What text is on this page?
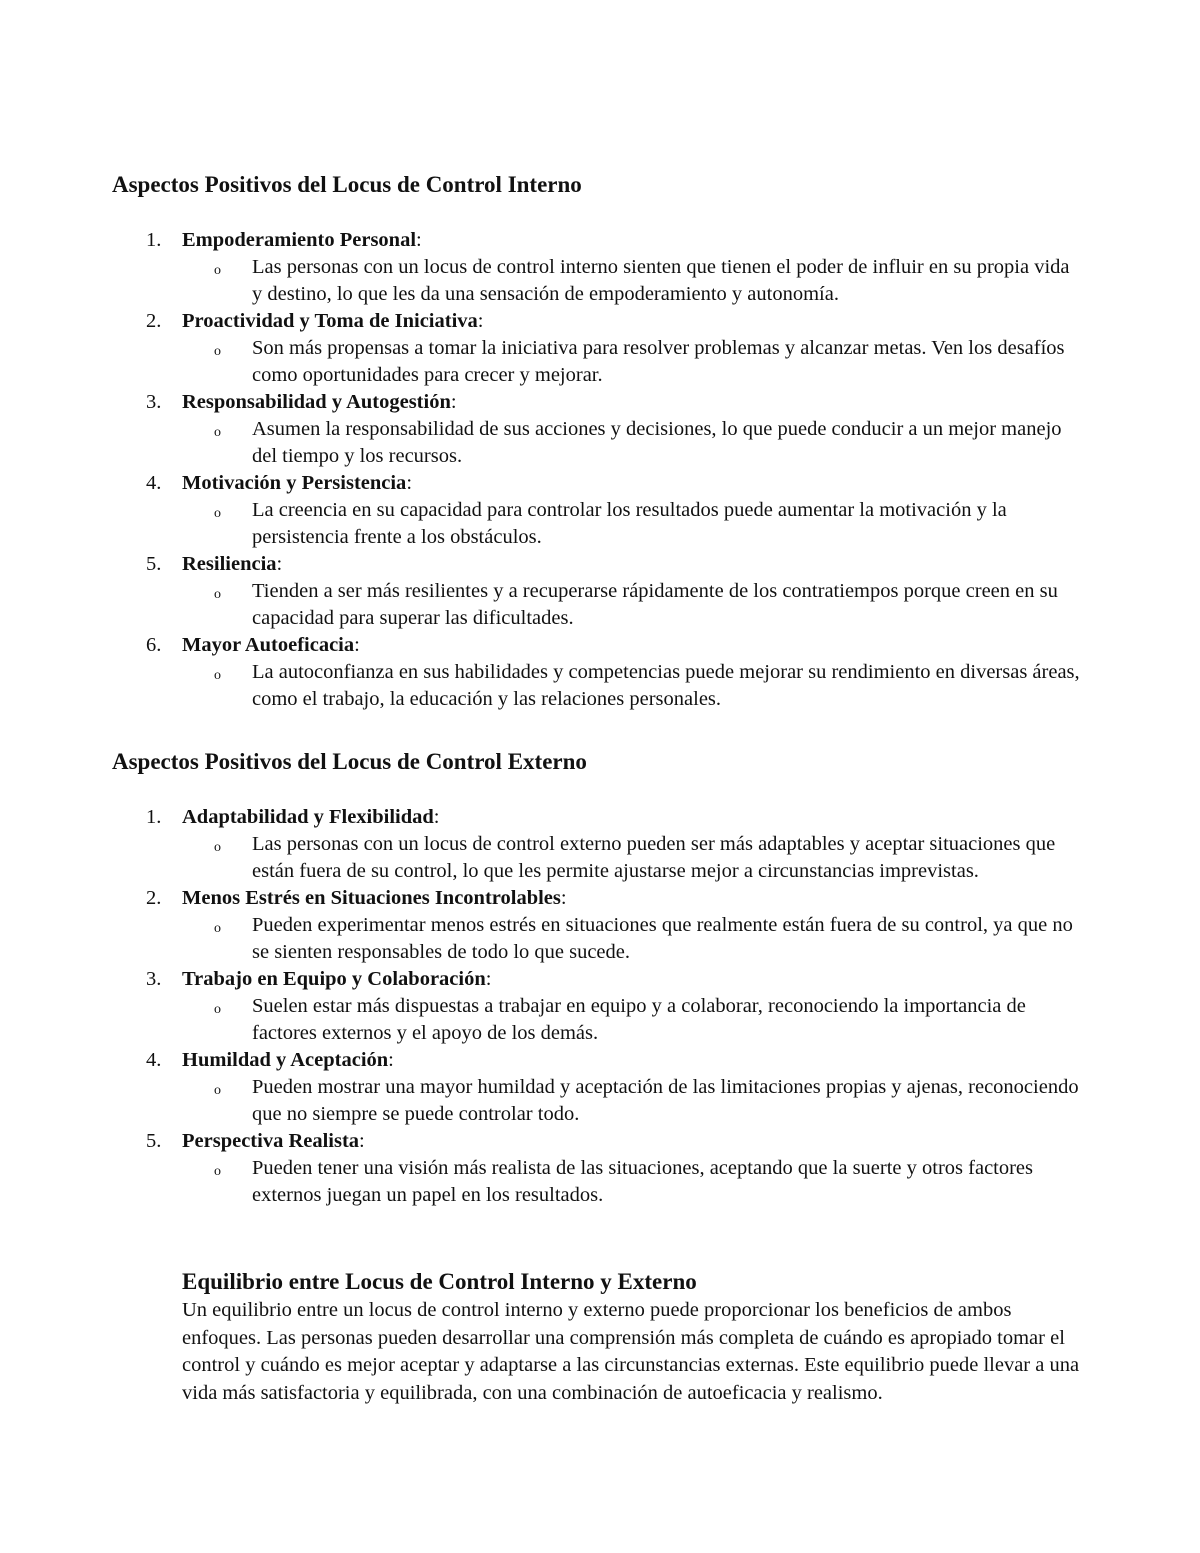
Aspectos Positivos del Locus de Control Interno
1.	Empoderamiento Personal:
o Las personas con un locus de control interno sienten que tienen el poder de influir en su propia vida y destino, lo que les da una sensación de empoderamiento y autonomía.
2.	Proactividad y Toma de Iniciativa:
o Son más propensas a tomar la iniciativa para resolver problemas y alcanzar metas. Ven los desafíos como oportunidades para crecer y mejorar.
3.	Responsabilidad y Autogestión:
o Asumen la responsabilidad de sus acciones y decisiones, lo que puede conducir a un mejor manejo del tiempo y los recursos.
4.	Motivación y Persistencia:
o La creencia en su capacidad para controlar los resultados puede aumentar la motivación y la persistencia frente a los obstáculos.
5.	Resiliencia:
o Tienden a ser más resilientes y a recuperarse rápidamente de los contratiempos porque creen en su capacidad para superar las dificultades.
6.	Mayor Autoeficacia:
o La autoconfianza en sus habilidades y competencias puede mejorar su rendimiento en diversas áreas, como el trabajo, la educación y las relaciones personales.
Aspectos Positivos del Locus de Control Externo
1.	Adaptabilidad y Flexibilidad:
o Las personas con un locus de control externo pueden ser más adaptables y aceptar situaciones que están fuera de su control, lo que les permite ajustarse mejor a circunstancias imprevistas.
2.	Menos Estrés en Situaciones Incontrolables:
o Pueden experimentar menos estrés en situaciones que realmente están fuera de su control, ya que no se sienten responsables de todo lo que sucede.
3.	Trabajo en Equipo y Colaboración:
o Suelen estar más dispuestas a trabajar en equipo y a colaborar, reconociendo la importancia de factores externos y el apoyo de los demás.
4.	Humildad y Aceptación:
o Pueden mostrar una mayor humildad y aceptación de las limitaciones propias y ajenas, reconociendo que no siempre se puede controlar todo.
5.	Perspectiva Realista:
o Pueden tener una visión más realista de las situaciones, aceptando que la suerte y otros factores externos juegan un papel en los resultados.
Equilibrio entre Locus de Control Interno y Externo

Un equilibrio entre un locus de control interno y externo puede proporcionar los beneficios de ambos enfoques. Las personas pueden desarrollar una comprensión más completa de cuándo es apropiado tomar el control y cuándo es mejor aceptar y adaptarse a las circunstancias externas. Este equilibrio puede llevar a una vida más satisfactoria y equilibrada, con una combinación de autoeficacia y realismo.
